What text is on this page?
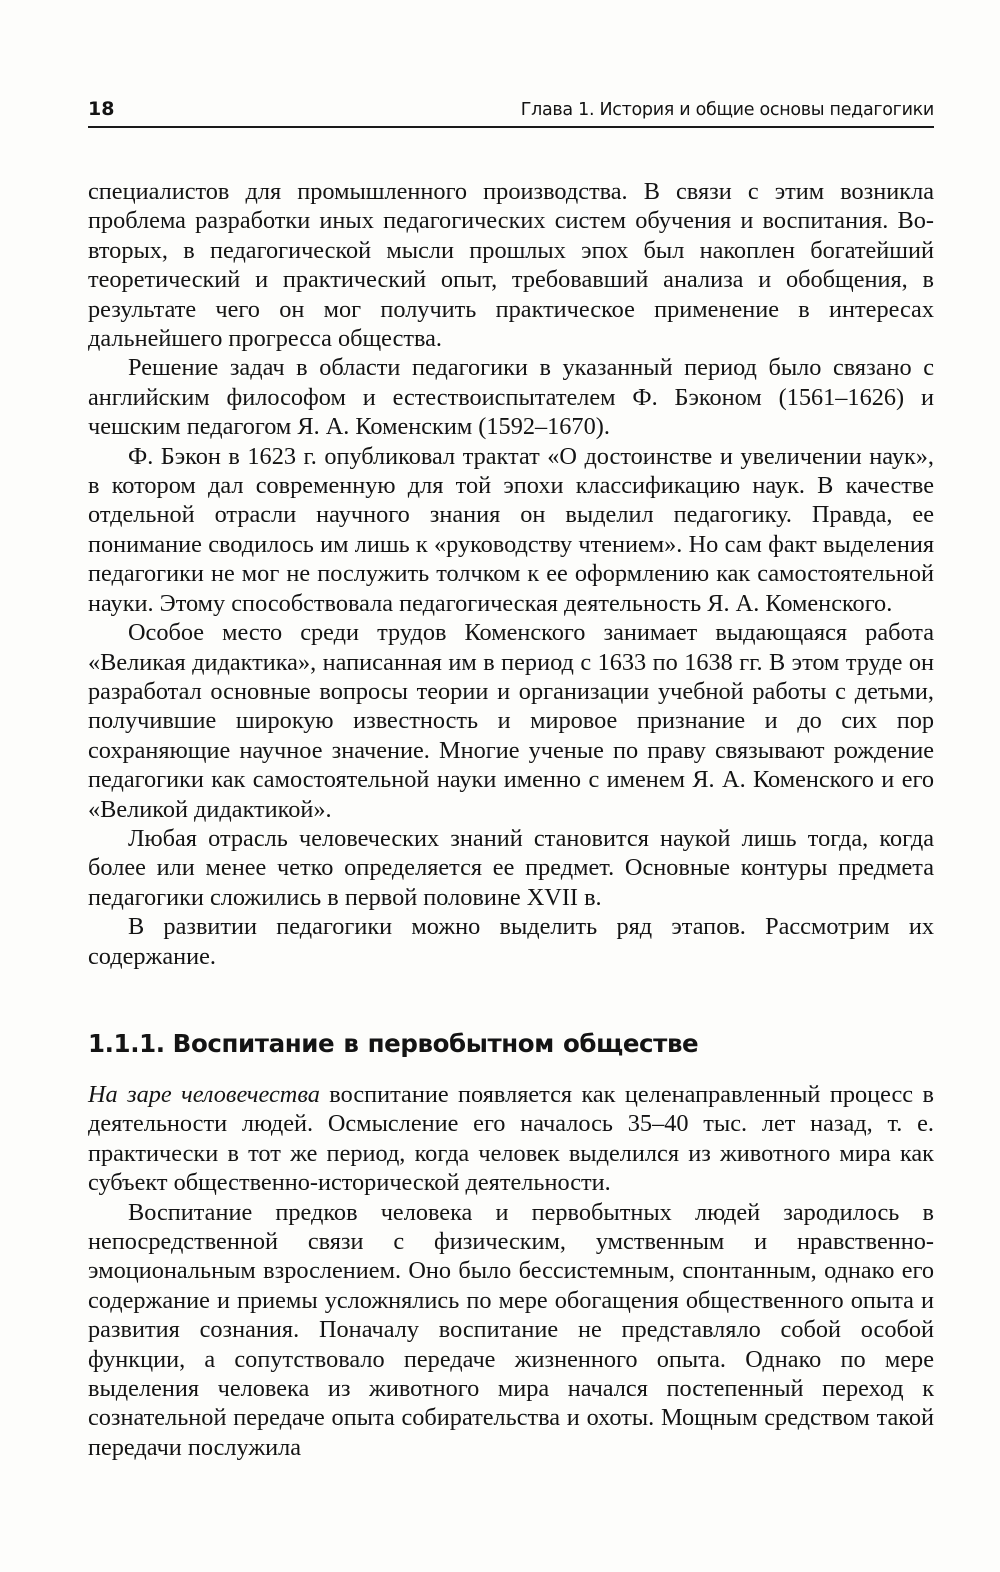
18	Глава 1. История и общие основы педагогики

специалистов для промышленного производства. В связи с этим возникла проблема разработки иных педагогических систем обучения и воспитания. Во-вторых, в педагогической мысли прошлых эпох был накоплен богатейший теоретический и практический опыт, требовавший анализа и обобщения, в результате чего он мог получить практическое применение в интересах дальнейшего прогресса общества.

Решение задач в области педагогики в указанный период было связано с английским философом и естествоиспытателем Ф. Бэконом (1561–1626) и чешским педагогом Я. А. Коменским (1592–1670).

Ф. Бэкон в 1623 г. опубликовал трактат «О достоинстве и увеличении наук», в котором дал современную для той эпохи классификацию наук. В качестве отдельной отрасли научного знания он выделил педагогику. Правда, ее понимание сводилось им лишь к «руководству чтением». Но сам факт выделения педагогики не мог не послужить толчком к ее оформлению как самостоятельной науки. Этому способствовала педагогическая деятельность Я. А. Коменского.

Особое место среди трудов Коменского занимает выдающаяся работа «Великая дидактика», написанная им в период с 1633 по 1638 гг. В этом труде он разработал основные вопросы теории и организации учебной работы с детьми, получившие широкую известность и мировое признание и до сих пор сохраняющие научное значение. Многие ученые по праву связывают рождение педагогики как самостоятельной науки именно с именем Я. А. Коменского и его «Великой дидактикой».

Любая отрасль человеческих знаний становится наукой лишь тогда, когда более или менее четко определяется ее предмет. Основные контуры предмета педагогики сложились в первой половине XVII в.

В развитии педагогики можно выделить ряд этапов. Рассмотрим их содержание.

1.1.1. Воспитание в первобытном обществе

На заре человечества воспитание появляется как целенаправленный процесс в деятельности людей. Осмысление его началось 35–40 тыс. лет назад, т. е. практически в тот же период, когда человек выделился из животного мира как субъект общественно-исторической деятельности.

Воспитание предков человека и первобытных людей зародилось в непосредственной связи с физическим, умственным и нравственно-эмоциональным взрослением. Оно было бессистемным, спонтанным, однако его содержание и приемы усложнялись по мере обогащения общественного опыта и развития сознания. Поначалу воспитание не представляло собой особой функции, а сопутствовало передаче жизненного опыта. Однако по мере выделения человека из животного мира начался постепенный переход к сознательной передаче опыта собирательства и охоты. Мощным средством такой передачи послужила
